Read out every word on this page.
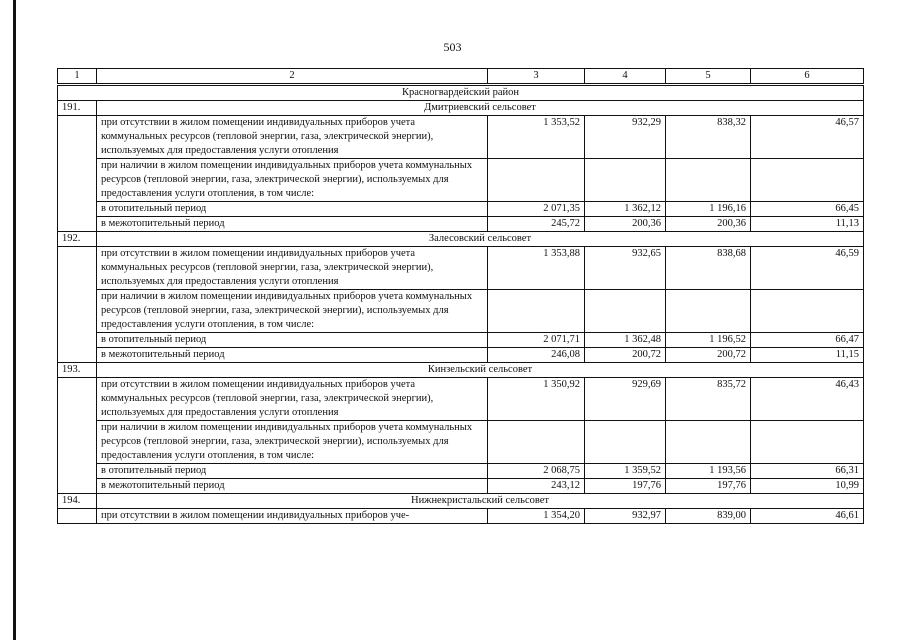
503
1	2	3	4	5	6
Красногвардейский район					
191.	Дмитриевский сельсовет				
	при отсутствии в жилом помещении индивидуальных приборов учета коммунальных ресурсов (тепловой энергии, газа, электрической энергии), используемых для предоставления услуги отопления	1 353,52	932,29	838,32	46,57
	при наличии в жилом помещении индивидуальных приборов учета коммунальных ресурсов (тепловой энергии, газа, электрической энергии), используемых для предоставления услуги отопления, в том числе:				
	в отопительный период	2 071,35	1 362,12	1 196,16	66,45
	в межотопительный период	245,72	200,36	200,36	11,13
192.	Залесовский сельсовет				
	при отсутствии в жилом помещении индивидуальных приборов учета коммунальных ресурсов (тепловой энергии, газа, электрической энергии), используемых для предоставления услуги отопления	1 353,88	932,65	838,68	46,59
	при наличии в жилом помещении индивидуальных приборов учета коммунальных ресурсов (тепловой энергии, газа, электрической энергии), используемых для предоставления услуги отопления, в том числе:				
	в отопительный период	2 071,71	1 362,48	1 196,52	66,47
	в межотопительный период	246,08	200,72	200,72	11,15
193.	Кинзельский сельсовет				
	при отсутствии в жилом помещении индивидуальных приборов учета коммунальных ресурсов (тепловой энергии, газа, электрической энергии), используемых для предоставления услуги отопления	1 350,92	929,69	835,72	46,43
	при наличии в жилом помещении индивидуальных приборов учета коммунальных ресурсов (тепловой энергии, газа, электрической энергии), используемых для предоставления услуги отопления, в том числе:				
	в отопительный период	2 068,75	1 359,52	1 193,56	66,31
	в межотопительный период	243,12	197,76	197,76	10,99
194.	Нижнекристальский сельсовет				
	при отсутствии в жилом помещении индивидуальных приборов уче-	1 354,20	932,97	839,00	46,61
